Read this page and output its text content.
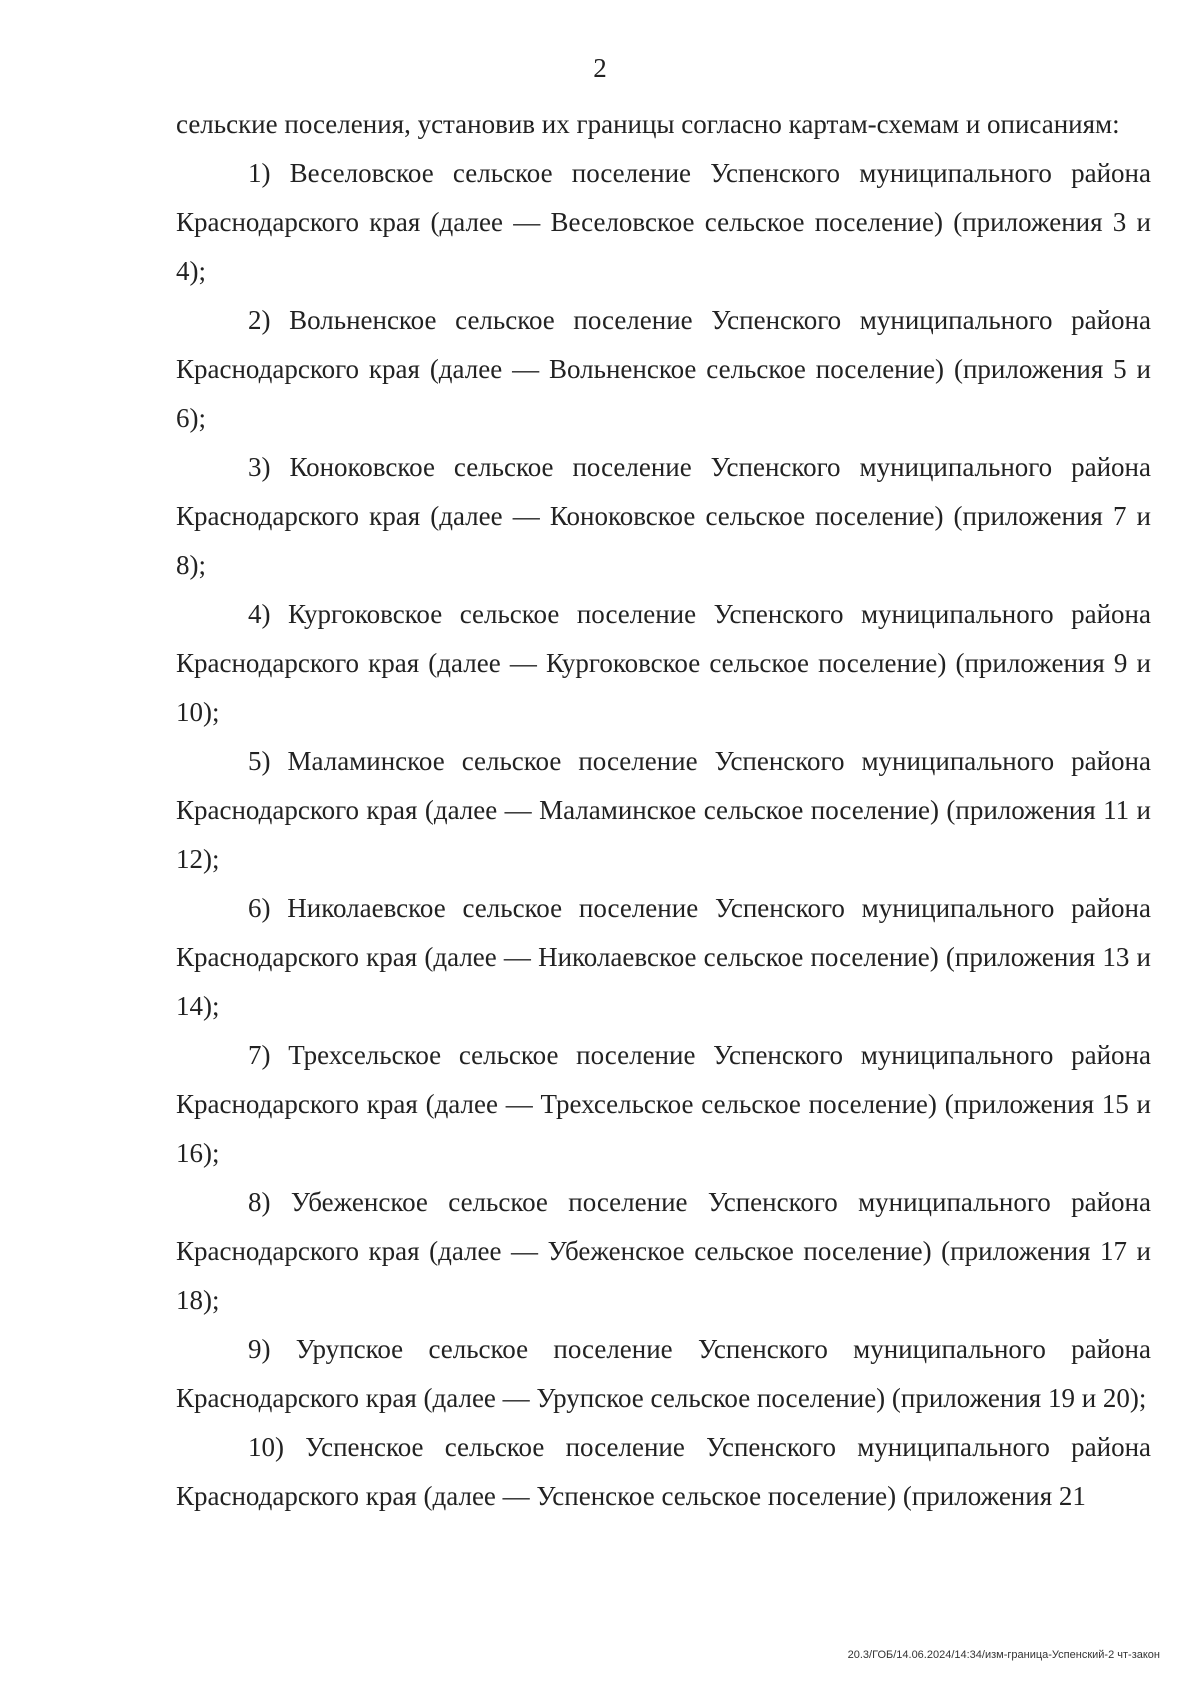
2

сельские поселения, установив их границы согласно картам-схемам и описаниям:

1) Веселовское сельское поселение Успенского муниципального района Краснодарского края (далее — Веселовское сельское поселение) (приложения 3 и 4);

2) Вольненское сельское поселение Успенского муниципального района Краснодарского края (далее — Вольненское сельское поселение) (приложения 5 и 6);

3) Коноковское сельское поселение Успенского муниципального района Краснодарского края (далее — Коноковское сельское поселение) (приложения 7 и 8);

4) Кургоковское сельское поселение Успенского муниципального района Краснодарского края (далее — Кургоковское сельское поселение) (приложения 9 и 10);

5) Маламинское сельское поселение Успенского муниципального района Краснодарского края (далее — Маламинское сельское поселение) (приложения 11 и 12);

6) Николаевское сельское поселение Успенского муниципального района Краснодарского края (далее — Николаевское сельское поселение) (приложения 13 и 14);

7) Трехсельское сельское поселение Успенского муниципального района Краснодарского края (далее — Трехсельское сельское поселение) (приложения 15 и 16);

8) Убеженское сельское поселение Успенского муниципального района Краснодарского края (далее — Убеженское сельское поселение) (приложения 17 и 18);

9) Урупское сельское поселение Успенского муниципального района Краснодарского края (далее — Урупское сельское поселение) (приложения 19 и 20);

10) Успенское сельское поселение Успенского муниципального района Краснодарского края (далее — Успенское сельское поселение) (приложения 21

20.3/ГОБ/14.06.2024/14:34/изм-граница-Успенский-2 чт-закон
